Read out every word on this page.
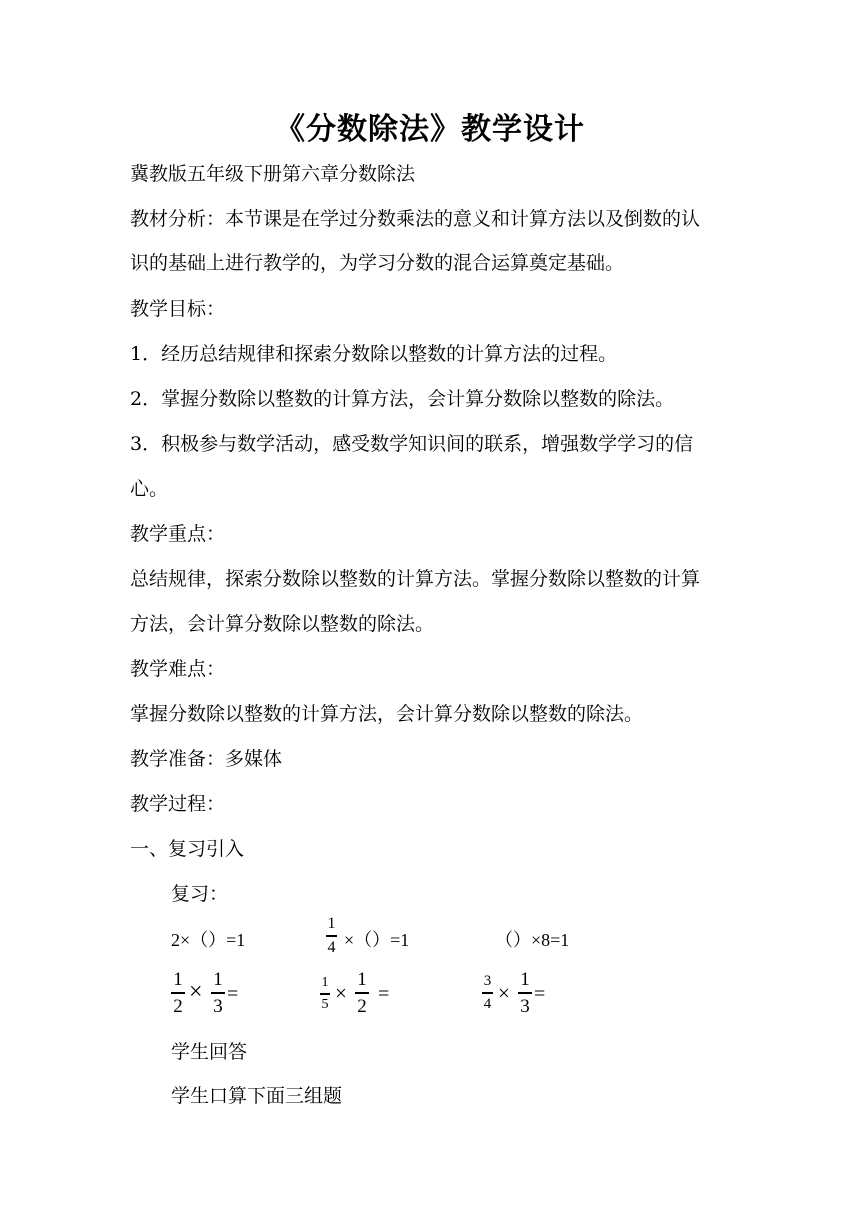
《分数除法》教学设计
冀教版五年级下册第六章分数除法
教材分析：本节课是在学过分数乘法的意义和计算方法以及倒数的认
识的基础上进行教学的，为学习分数的混合运算奠定基础。
教学目标：
1．经历总结规律和探索分数除以整数的计算方法的过程。
2．掌握分数除以整数的计算方法，会计算分数除以整数的除法。
3．积极参与数学活动，感受数学知识间的联系，增强数学学习的信
心。
教学重点：
总结规律，探索分数除以整数的计算方法。掌握分数除以整数的计算
方法，会计算分数除以整数的除法。
教学难点：
掌握分数除以整数的计算方法，会计算分数除以整数的除法。
教学准备：多媒体
教学过程：
一、复习引入
复习：
2×（）=1
1
4 ×（）=1	（）×8=1
1
2
× 1
3
=
1
5 ×
1
2
=
3
4 ×
1
3
=
学生回答
学生口算下面三组题
